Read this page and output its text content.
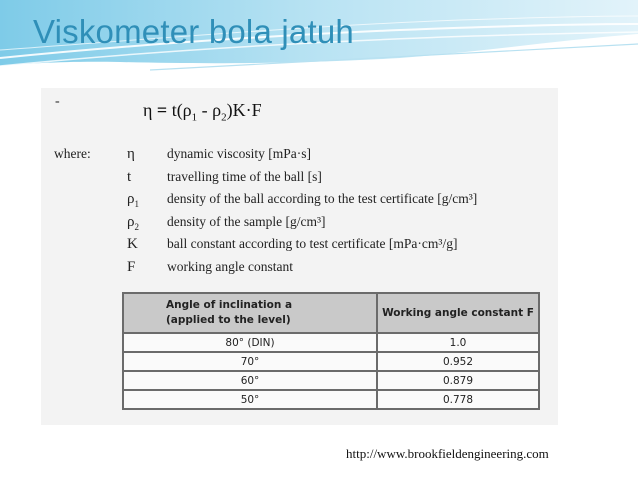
Viskometer bola jatuh
-	$\eta = t(\rho_1 - \rho_2)K\cdot F$
where: η	dynamic viscosity [mPa·s]
t	travelling time of the ball [s]
$\rho_1$	density of the ball according to the test certificate [g/cm³]
$\rho_2$	density of the sample [g/cm³]
K	ball constant according to test certificate [mPa·cm³/g]
F	working angle constant
Angle of inclination a
(applied to the level)	Working angle constant F
80° (DIN)	1.0
70°	0.952
60°	0.879
50°	0.778
http://www.brookfieldengineering.com
